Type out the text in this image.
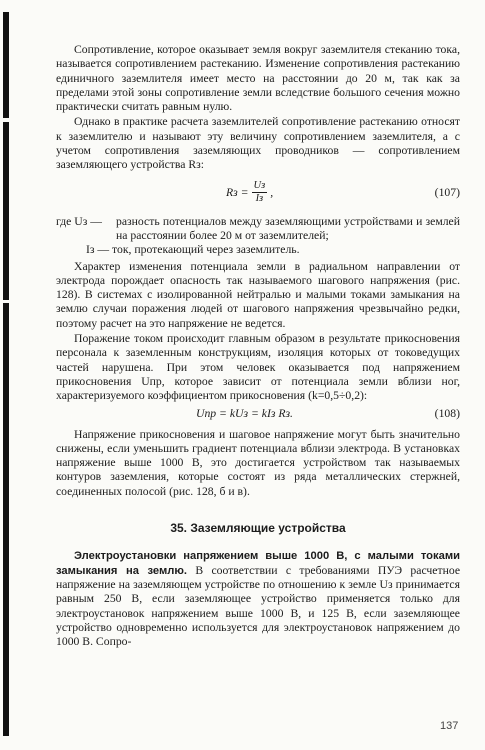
Сопротивление, которое оказывает земля вокруг заземлителя стеканию тока, называется сопротивлением растеканию. Изменение сопротивления растеканию единичного заземлителя имеет место на расстоянии до 20 м, так как за пределами этой зоны сопротивление земли вследствие большого сечения можно практически считать равным нулю.

Однако в практике расчета заземлителей сопротивление растеканию относят к заземлителю и называют эту величину сопротивлением заземлителя, а с учетом сопротивления заземляющих проводников — сопротивлением заземляющего устройства Rз:

Rз = $\frac{Uз}{Iз}$ ,	(107)
где Uз — разность потенциалов между заземляющими устройствами и землей на расстоянии более 20 м от заземлителей;
Iз — ток, протекающий через заземлитель.

Характер изменения потенциала земли в радиальном направлении от электрода порождает опасность так называемого шагового напряжения (рис. 128). В системах с изолированной нейтралью и малыми токами замыкания на землю случаи поражения людей от шагового напряжения чрезвычайно редки, поэтому расчет на это напряжение не ведется.

Поражение током происходит главным образом в результате прикосновения персонала к заземленным конструкциям, изоляция которых от токоведущих частей нарушена. При этом человек оказывается под напряжением прикосновения Uпр, которое зависит от потенциала земли вблизи ног, характеризуемого коэффициентом прикосновения (k=0,5÷0,2):

Uпр = kUз = kIз Rз.	(108)

Напряжение прикосновения и шаговое напряжение могут быть значительно снижены, если уменьшить градиент потенциала вблизи электрода. В установках напряжение выше 1000 В, это достигается устройством так называемых контуров заземления, которые состоят из ряда металлических стержней, соединенных полосой (рис. 128, б и в).

35. Заземляющие устройства

Электроустановки напряжением выше 1000 В, с малыми токами замыкания на землю. В соответствии с требованиями ПУЭ расчетное напряжение на заземляющем устройстве по отношению к земле Uз принимается равным 250 В, если заземляющее устройство применяется только для электроустановок напряжением выше 1000 В, и 125 В, если заземляющее устройство одновременно используется для электроустановок напряжением до 1000 В. Сопро-

137
